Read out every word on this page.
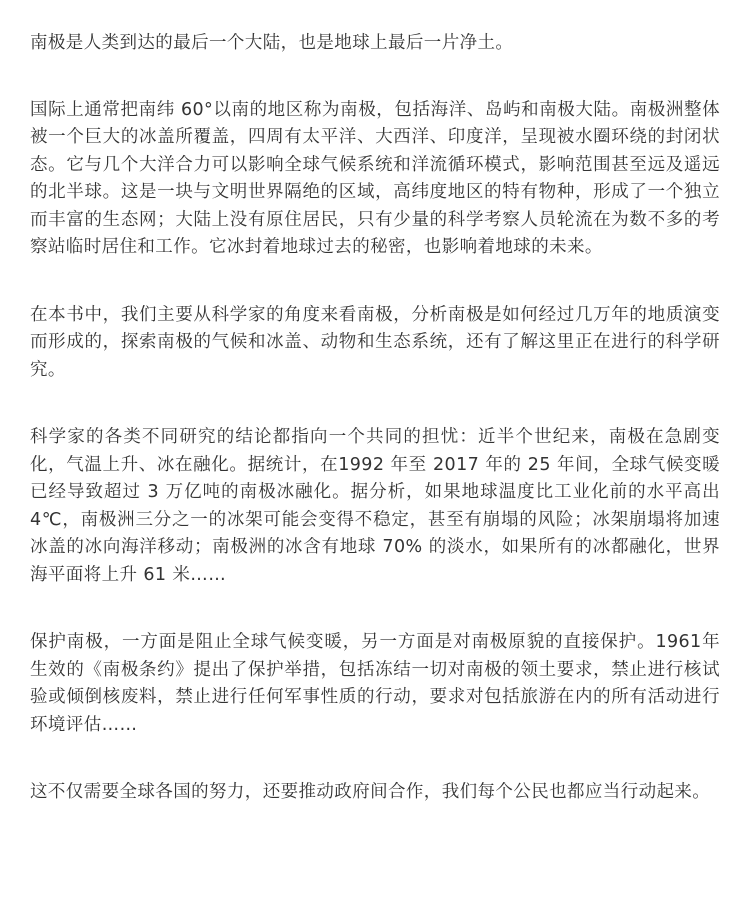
南极是人类到达的最后一个大陆，也是地球上最后一片净土。

国际上通常把南纬 60°以南的地区称为南极，包括海洋、岛屿和南极大陆。南极洲整体被一个巨大的冰盖所覆盖，四周有太平洋、大西洋、印度洋，呈现被水圈环绕的封闭状态。它与几个大洋合力可以影响全球气候系统和洋流循环模式，影响范围甚至远及遥远的北半球。这是一块与文明世界隔绝的区域，高纬度地区的特有物种，形成了一个独立而丰富的生态网；大陆上没有原住居民，只有少量的科学考察人员轮流在为数不多的考察站临时居住和工作。它冰封着地球过去的秘密，也影响着地球的未来。

在本书中，我们主要从科学家的角度来看南极，分析南极是如何经过几万年的地质演变而形成的，探索南极的气候和冰盖、动物和生态系统，还有了解这里正在进行的科学研究。

科学家的各类不同研究的结论都指向一个共同的担忧：近半个世纪来，南极在急剧变化，气温上升、冰在融化。据统计，在1992 年至 2017 年的 25 年间，全球气候变暖已经导致超过 3 万亿吨的南极冰融化。据分析，如果地球温度比工业化前的水平高出4℃，南极洲三分之一的冰架可能会变得不稳定，甚至有崩塌的风险；冰架崩塌将加速冰盖的冰向海洋移动；南极洲的冰含有地球 70% 的淡水，如果所有的冰都融化，世界海平面将上升 61 米……

保护南极，一方面是阻止全球气候变暖，另一方面是对南极原貌的直接保护。1961年生效的《南极条约》提出了保护举措，包括冻结一切对南极的领土要求，禁止进行核试验或倾倒核废料，禁止进行任何军事性质的行动，要求对包括旅游在内的所有活动进行环境评估……

这不仅需要全球各国的努力，还要推动政府间合作，我们每个公民也都应当行动起来。
